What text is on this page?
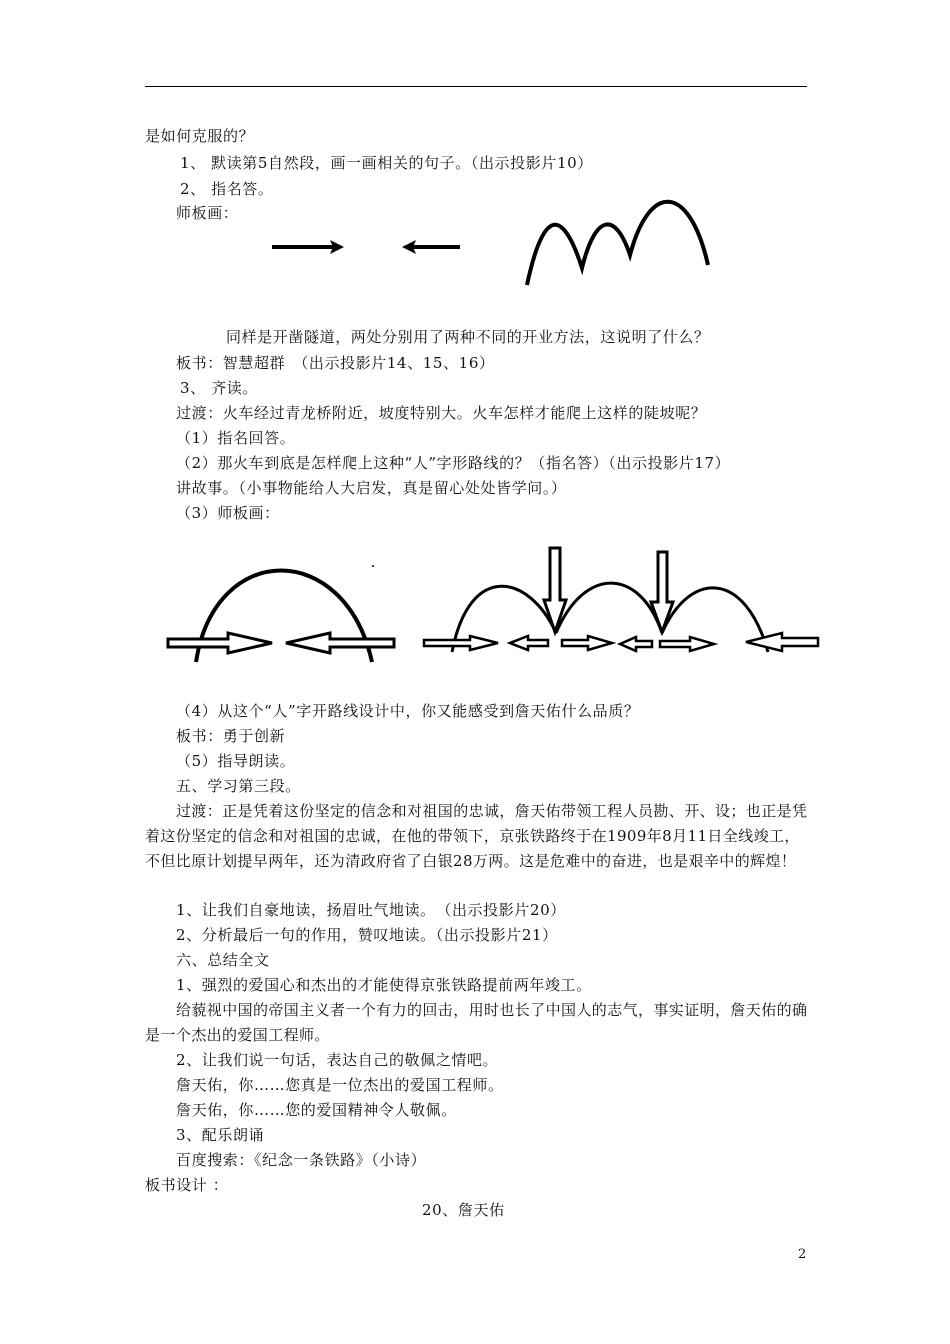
是如何克服的？
1、 默读第5自然段，画一画相关的句子。（出示投影片10）
2、 指名答。
师板画：
同样是开凿隧道，两处分别用了两种不同的开业方法，这说明了什么？
板书：智慧超群　（出示投影片14、15、16）
3、 齐读。
过渡：火车经过青龙桥附近，坡度特别大。火车怎样才能爬上这样的陡坡呢？
（1）指名回答。
（2）那火车到底是怎样爬上这种“人”字形路线的？（指名答）（出示投影片17）
讲故事。（小事物能给人大启发，真是留心处处皆学问。）
（3）师板画：
（4）从这个“人”字开路线设计中，你又能感受到詹天佑什么品质？
板书：勇于创新
（5）指导朗读。
五、学习第三段。
过渡：正是凭着这份坚定的信念和对祖国的忠诚，詹天佑带领工程人员勘、开、设；也正是凭着这份坚定的信念和对祖国的忠诚，在他的带领下，京张铁路终于在1909年8月11日全线竣工，不但比原计划提早两年，还为清政府省了白银28万两。这是危难中的奋进，也是艰辛中的辉煌！
1、让我们自豪地读，扬眉吐气地读。　（出示投影片20）
2、分析最后一句的作用，赞叹地读。（出示投影片21）
六、总结全文
1、强烈的爱国心和杰出的才能使得京张铁路提前两年竣工。
给藐视中国的帝国主义者一个有力的回击，用时也长了中国人的志气，事实证明，詹天佑的确是一个杰出的爱国工程师。
2、让我们说一句话，表达自己的敬佩之情吧。
詹天佑，你……您真是一位杰出的爱国工程师。
詹天佑，你……您的爱国精神令人敬佩。
3、配乐朗诵
百度搜索：《纪念一条铁路》（小诗）
板书设计 ：
20、詹天佑
2
